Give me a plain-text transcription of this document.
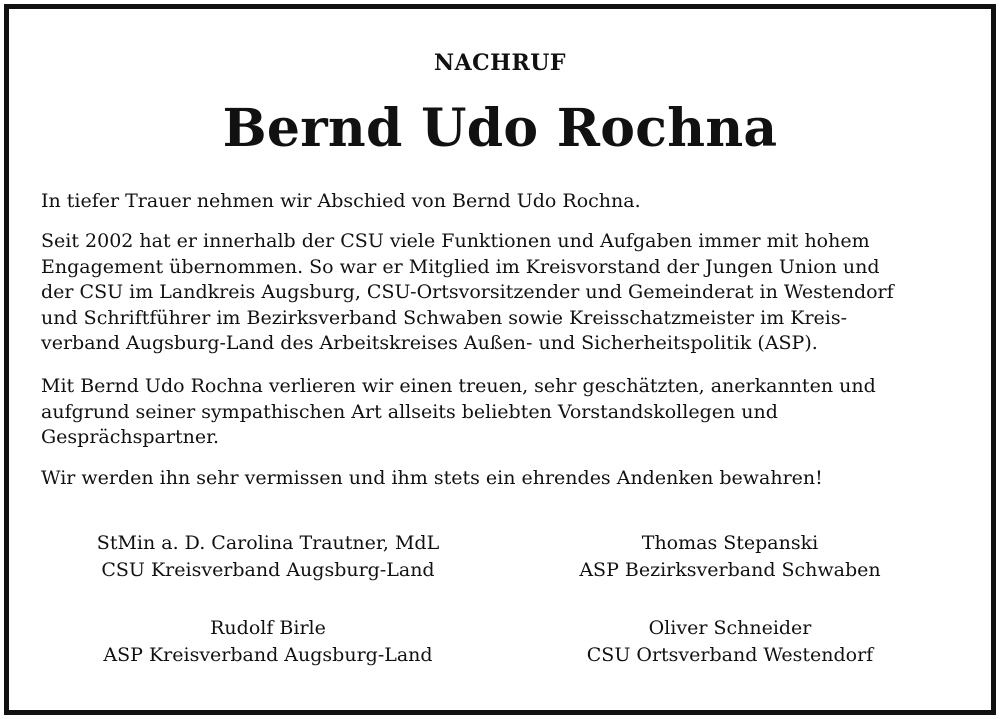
NACHRUF
Bernd Udo Rochna
In tiefer Trauer nehmen wir Abschied von Bernd Udo Rochna.
Seit 2002 hat er innerhalb der CSU viele Funktionen und Aufgaben immer mit hohem
Engagement übernommen. So war er Mitglied im Kreisvorstand der Jungen Union und
der CSU im Landkreis Augsburg, CSU-Ortsvorsitzender und Gemeinderat in Westendorf
und Schriftführer im Bezirksverband Schwaben sowie Kreisschatzmeister im Kreis-
verband Augsburg-Land des Arbeitskreises Außen- und Sicherheitspolitik (ASP).
Mit Bernd Udo Rochna verlieren wir einen treuen, sehr geschätzten, anerkannten und
aufgrund seiner sympathischen Art allseits beliebten Vorstandskollegen und
Gesprächspartner.
Wir werden ihn sehr vermissen und ihm stets ein ehrendes Andenken bewahren!
StMin a. D. Carolina Trautner, MdL
CSU Kreisverband Augsburg-Land
Thomas Stepanski
ASP Bezirksverband Schwaben
Rudolf Birle
ASP Kreisverband Augsburg-Land
Oliver Schneider
CSU Ortsverband Westendorf
